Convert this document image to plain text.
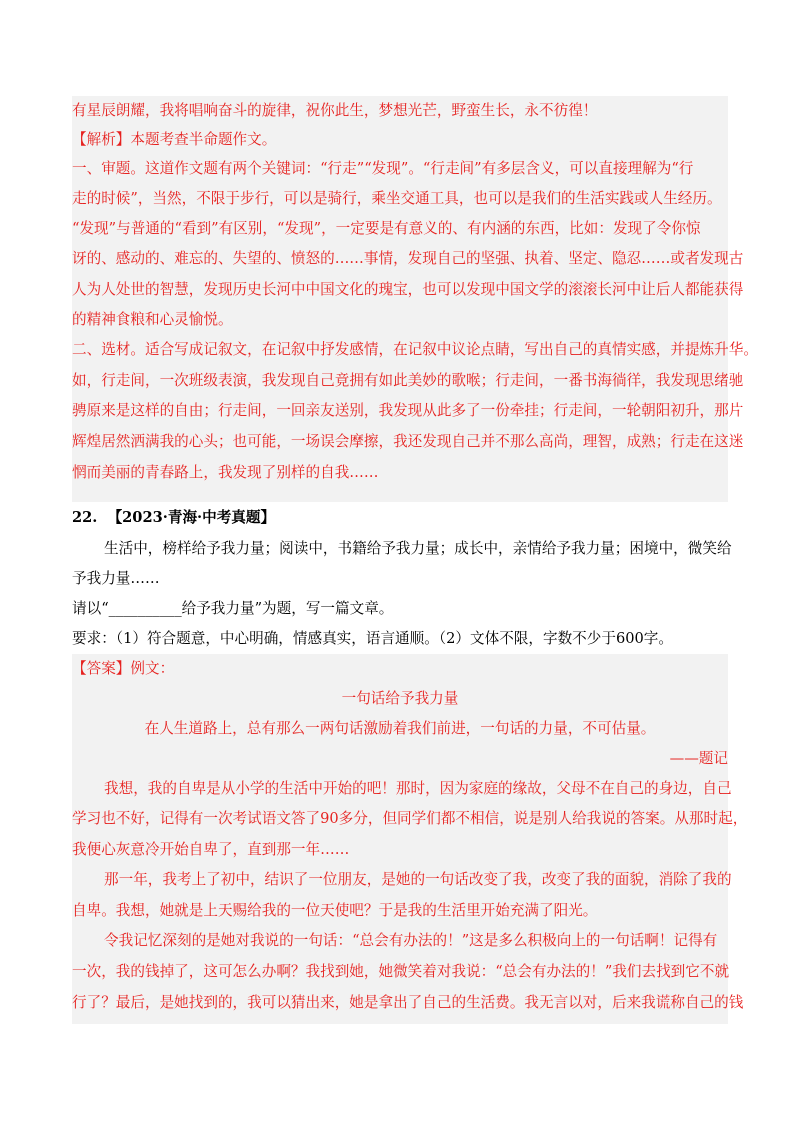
有星辰朗耀，我将唱响奋斗的旋律，祝你此生，梦想光芒，野蛮生长，永不彷徨！
【解析】本题考查半命题作文。
一、审题。这道作文题有两个关键词：“行走”“发现”。“行走间”有多层含义，可以直接理解为“行
走的时候”，当然，不限于步行，可以是骑行，乘坐交通工具，也可以是我们的生活实践或人生经历。
“发现”与普通的“看到”有区别，“发现”，一定要是有意义的、有内涵的东西，比如：发现了令你惊
讶的、感动的、难忘的、失望的、愤怒的……事情，发现自己的坚强、执着、坚定、隐忍……或者发现古
人为人处世的智慧，发现历史长河中中国文化的瑰宝，也可以发现中国文学的滚滚长河中让后人都能获得
的精神食粮和心灵愉悦。
二、选材。适合写成记叙文，在记叙中抒发感情，在记叙中议论点睛，写出自己的真情实感，并提炼升华。
如，行走间，一次班级表演，我发现自己竟拥有如此美妙的歌喉；行走间，一番书海徜徉，我发现思绪驰
骋原来是这样的自由；行走间，一回亲友送别，我发现从此多了一份牵挂；行走间，一轮朝阳初升，那片
辉煌居然洒满我的心头；也可能，一场误会摩擦，我还发现自己并不那么高尚，理智，成熟；行走在这迷
惘而美丽的青春路上，我发现了别样的自我……
22. 【2023·青海·中考真题】
生活中，榜样给予我力量；阅读中，书籍给予我力量；成长中，亲情给予我力量；困境中，微笑给
予我力量……
请以“__________给予我力量”为题，写一篇文章。
要求：（1）符合题意，中心明确，情感真实，语言通顺。（2）文体不限，字数不少于600字。
【答案】例文：
一句话给予我力量
在人生道路上，总有那么一两句话激励着我们前进，一句话的力量，不可估量。
——题记
我想，我的自卑是从小学的生活中开始的吧！那时，因为家庭的缘故，父母不在自己的身边，自己
学习也不好，记得有一次考试语文答了90多分，但同学们都不相信，说是别人给我说的答案。从那时起，
我便心灰意冷开始自卑了，直到那一年……
那一年，我考上了初中，结识了一位朋友，是她的一句话改变了我，改变了我的面貌，消除了我的
自卑。我想，她就是上天赐给我的一位天使吧？于是我的生活里开始充满了阳光。
令我记忆深刻的是她对我说的一句话：“总会有办法的！”这是多么积极向上的一句话啊！记得有
一次，我的钱掉了，这可怎么办啊？我找到她，她微笑着对我说：“总会有办法的！”我们去找到它不就
行了？最后，是她找到的，我可以猜出来，她是拿出了自己的生活费。我无言以对，后来我谎称自己的钱
